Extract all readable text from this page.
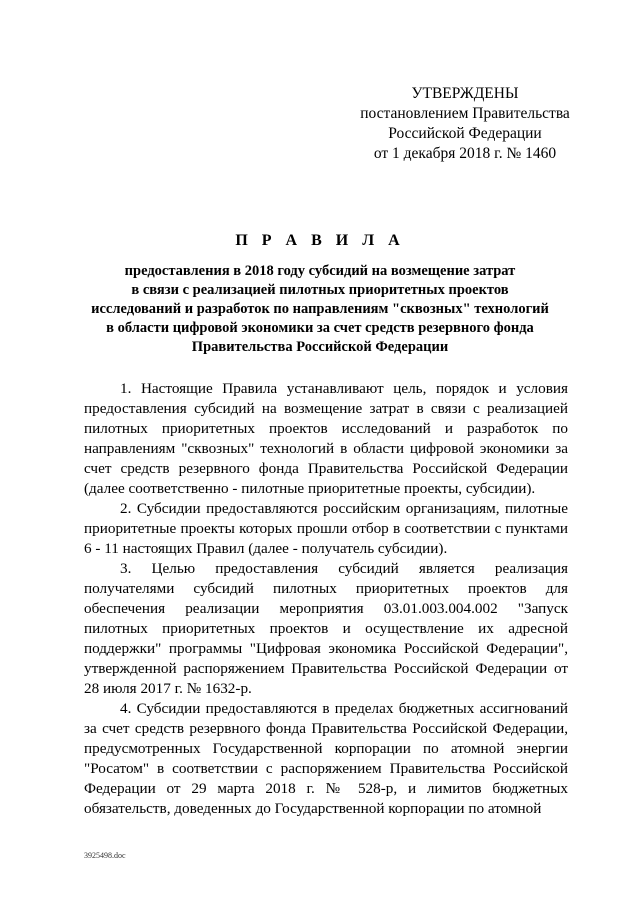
УТВЕРЖДЕНЫ
постановлением Правительства
Российской Федерации
от 1 декабря 2018 г. № 1460
П Р А В И Л А
предоставления в 2018 году субсидий на возмещение затрат
в связи с реализацией пилотных приоритетных проектов
исследований и разработок по направлениям "сквозных" технологий
в области цифровой экономики за счет средств резервного фонда
Правительства Российской Федерации

1. Настоящие Правила устанавливают цель, порядок и условия предоставления субсидий на возмещение затрат в связи с реализацией пилотных приоритетных проектов исследований и разработок по направлениям "сквозных" технологий в области цифровой экономики за счет средств резервного фонда Правительства Российской Федерации (далее соответственно - пилотные приоритетные проекты, субсидии).

2. Субсидии предоставляются российским организациям, пилотные приоритетные проекты которых прошли отбор в соответствии с пунктами 6 - 11 настоящих Правил (далее - получатель субсидии).

3. Целью предоставления субсидий является реализация получателями субсидий пилотных приоритетных проектов для обеспечения реализации мероприятия 03.01.003.004.002 "Запуск пилотных приоритетных проектов и осуществление их адресной поддержки" программы "Цифровая экономика Российской Федерации", утвержденной распоряжением Правительства Российской Федерации от 28 июля 2017 г. № 1632-р.

4. Субсидии предоставляются в пределах бюджетных ассигнований за счет средств резервного фонда Правительства Российской Федерации, предусмотренных Государственной корпорации по атомной энергии "Росатом" в соответствии с распоряжением Правительства Российской Федерации от 29 марта 2018 г. № 528-р, и лимитов бюджетных обязательств, доведенных до Государственной корпорации по атомной

3925498.doc
